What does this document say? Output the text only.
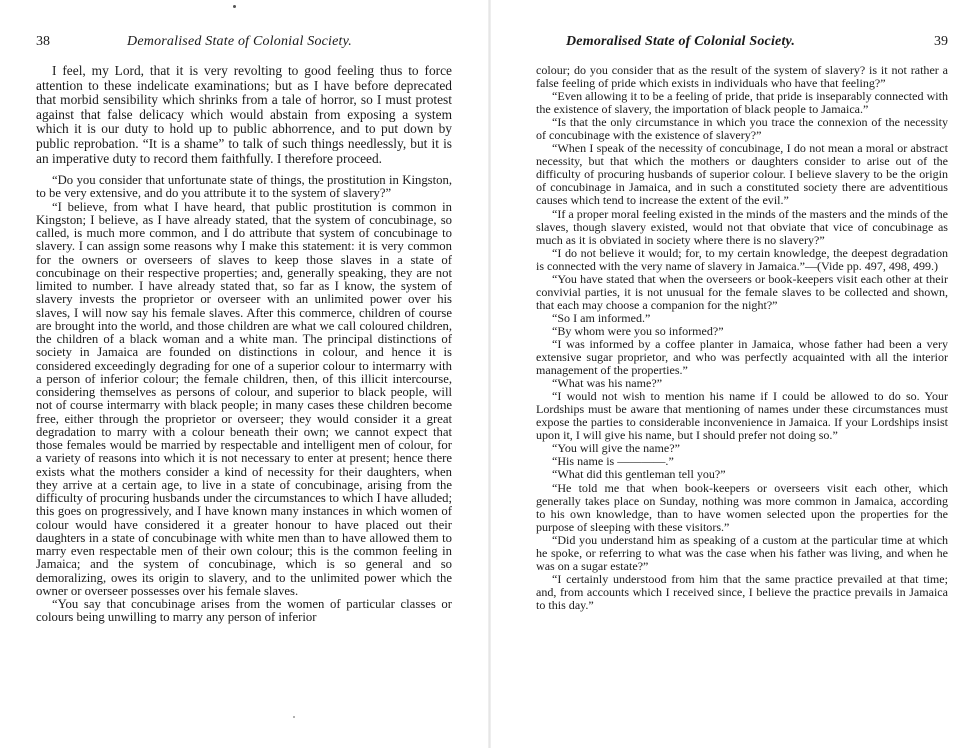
38	Demoralised State of Colonial Society.

I feel, my Lord, that it is very revolting to good feeling thus to force attention to these indelicate examinations; but as I have before deprecated that morbid sensibility which shrinks from a tale of horror, so I must protest against that false delicacy which would abstain from exposing a system which it is our duty to hold up to public abhorrence, and to put down by public reprobation. “It is a shame” to talk of such things needlessly, but it is an imperative duty to record them faithfully. I therefore proceed.

“Do you consider that unfortunate state of things, the prostitution in Kingston, to be very extensive, and do you attribute it to the system of slavery?”

“I believe, from what I have heard, that public prostitution is common in Kingston; I believe, as I have already stated, that the system of concubinage, so called, is much more common, and I do attribute that system of concubinage to slavery. I can assign some reasons why I make this statement: it is very common for the owners or overseers of slaves to keep those slaves in a state of concubinage on their respective properties; and, generally speaking, they are not limited to number. I have already stated that, so far as I know, the system of slavery invests the proprietor or overseer with an unlimited power over his slaves, I will now say his female slaves. After this commerce, children of course are brought into the world, and those children are what we call coloured children, the children of a black woman and a white man. The principal distinctions of society in Jamaica are founded on distinctions in colour, and hence it is considered exceedingly degrading for one of a superior colour to intermarry with a person of inferior colour; the female children, then, of this illicit intercourse, considering themselves as persons of colour, and superior to black people, will not of course intermarry with black people; in many cases these children become free, either through the proprietor or overseer; they would consider it a great degradation to marry with a colour beneath their own; we cannot expect that those females would be married by respectable and intelligent men of colour, for a variety of reasons into which it is not necessary to enter at present; hence there exists what the mothers consider a kind of necessity for their daughters, when they arrive at a certain age, to live in a state of concubinage, arising from the difficulty of procuring husbands under the circumstances to which I have alluded; this goes on progressively, and I have known many instances in which women of colour would have considered it a greater honour to have placed out their daughters in a state of concubinage with white men than to have allowed them to marry even respectable men of their own colour; this is the common feeling in Jamaica; and the system of concubinage, which is so general and so demoralizing, owes its origin to slavery, and to the unlimited power which the owner or overseer possesses over his female slaves.

“You say that concubinage arises from the women of particular classes or colours being unwilling to marry any person of inferior

Demoralised State of Colonial Society.	39

colour; do you consider that as the result of the system of slavery? is it not rather a false feeling of pride which exists in individuals who have that feeling?”

“Even allowing it to be a feeling of pride, that pride is inseparably connected with the existence of slavery, the importation of black people to Jamaica.”

“Is that the only circumstance in which you trace the connexion of the necessity of concubinage with the existence of slavery?”

“When I speak of the necessity of concubinage, I do not mean a moral or abstract necessity, but that which the mothers or daughters consider to arise out of the difficulty of procuring husbands of superior colour. I believe slavery to be the origin of concubinage in Jamaica, and in such a constituted society there are adventitious causes which tend to increase the extent of the evil.”

“If a proper moral feeling existed in the minds of the masters and the minds of the slaves, though slavery existed, would not that obviate that vice of concubinage as much as it is obviated in society where there is no slavery?”

“I do not believe it would; for, to my certain knowledge, the deepest degradation is connected with the very name of slavery in Jamaica.”—(Vide pp. 497, 498, 499.)

“You have stated that when the overseers or book-keepers visit each other at their convivial parties, it is not unusual for the female slaves to be collected and shown, that each may choose a companion for the night?”

“So I am informed.”

“By whom were you so informed?”

“I was informed by a coffee planter in Jamaica, whose father had been a very extensive sugar proprietor, and who was perfectly acquainted with all the interior management of the properties.”

“What was his name?”

“I would not wish to mention his name if I could be allowed to do so. Your Lordships must be aware that mentioning of names under these circumstances must expose the parties to considerable inconvenience in Jamaica. If your Lordships insist upon it, I will give his name, but I should prefer not doing so.”

“You will give the name?”

“His name is ————.”

“What did this gentleman tell you?”

“He told me that when book-keepers or overseers visit each other, which generally takes place on Sunday, nothing was more common in Jamaica, according to his own knowledge, than to have women selected upon the properties for the purpose of sleeping with these visitors.”

“Did you understand him as speaking of a custom at the particular time at which he spoke, or referring to what was the case when his father was living, and when he was on a sugar estate?”

“I certainly understood from him that the same practice prevailed at that time; and, from accounts which I received since, I believe the practice prevails in Jamaica to this day.”
